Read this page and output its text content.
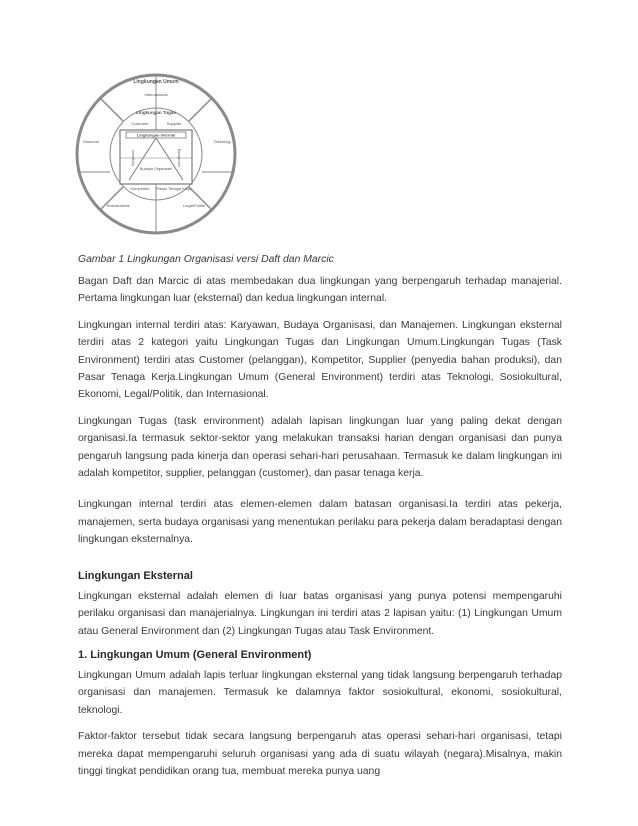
Lingkungan Umum
Internasional
Lingkungan Tugas
Customer	Supplier
Lingkungan Internal
Karyawan	Manajemen
Budaya Organisasi
Kompetitor Pasar Tenaga Kerja
Ekonomi	Teknologi
Sosiokultural	Legal/Politik
Gambar 1 Lingkungan Organisasi versi Daft dan Marcic

Bagan Daft dan Marcic di atas membedakan dua lingkungan yang berpengaruh terhadap manajerial. Pertama lingkungan luar (eksternal) dan kedua lingkungan internal.

Lingkungan internal terdiri atas: Karyawan, Budaya Organisasi, dan Manajemen. Lingkungan eksternal terdiri atas 2 kategori yaitu Lingkungan Tugas dan Lingkungan Umum.Lingkungan Tugas (Task Environment) terdiri atas Customer (pelanggan), Kompetitor, Supplier (penyedia bahan produksi), dan Pasar Tenaga Kerja.Lingkungan Umum (General Environment) terdiri atas Teknologi, Sosiokultural, Ekonomi, Legal/Politik, dan Internasional.

Lingkungan Tugas (task environment) adalah lapisan lingkungan luar yang paling dekat dengan organisasi.Ia termasuk sektor-sektor yang melakukan transaksi harian dengan organisasi dan punya pengaruh langsung pada kinerja dan operasi sehari-hari perusahaan. Termasuk ke dalam lingkungan ini adalah kompetitor, supplier, pelanggan (customer), dan pasar tenaga kerja.

Lingkungan internal terdiri atas elemen-elemen dalam batasan organisasi.Ia terdiri atas pekerja, manajemen, serta budaya organisasi yang menentukan perilaku para pekerja dalam beradaptasi dengan lingkungan eksternalnya.

Lingkungan Eksternal

Lingkungan eksternal adalah elemen di luar batas organisasi yang punya potensi mempengaruhi perilaku organisasi dan manajerialnya. Lingkungan ini terdiri atas 2 lapisan yaitu: (1) Lingkungan Umum atau General Environment dan (2) Lingkungan Tugas atau Task Environment.

1. Lingkungan Umum (General Environment)

Lingkungan Umum adalah lapis terluar lingkungan eksternal yang tidak langsung berpengaruh terhadap organisasi dan manajemen. Termasuk ke dalamnya faktor sosiokultural, ekonomi, sosiokultural, teknologi.

Faktor-faktor tersebut tidak secara langsung berpengaruh atas operasi sehari-hari organisasi, tetapi mereka dapat mempengaruhi seluruh organisasi yang ada di suatu wilayah (negara).Misalnya, makin tinggi tingkat pendidikan orang tua, membuat mereka punya uang
